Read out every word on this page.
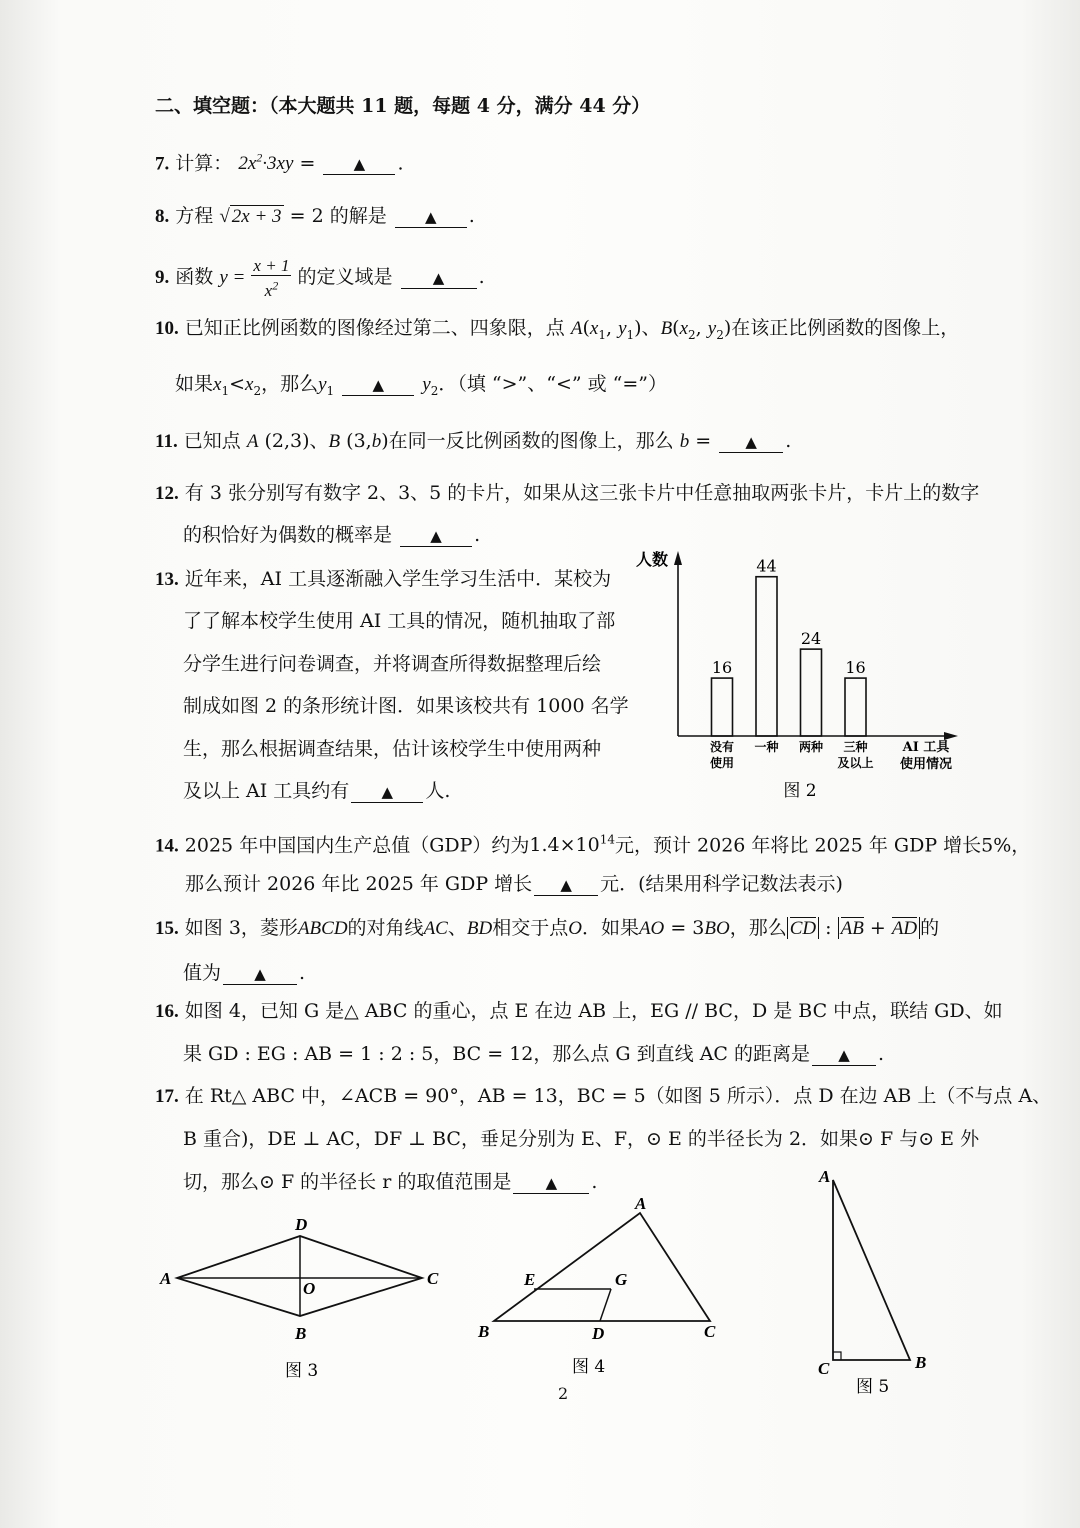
二、填空题：（本大题共 11 题，每题 4 分，满分 44 分）
7. 计算： $2x^2\cdot 3xy$ =	▲ .
8. 方程 √ 2x + 3 = 2 的解是	▲ .
9. 函数 $y = \frac{x + 1}{x^2}$ 的定义域是	▲ .
10. 已知正比例函数的图像经过第二、四象限，点 $A(x_1$, $y_1$)、$B(x_2$, $y_2$)在该正比例函数的图像上，
如果$x_1<x_2$，那么$y_1$	▲ $y_2$．（填 “>”、“<” 或 “=”）
11. 已知点 A (2,3)、B (3,b)在同一反比例函数的图像上，那么 b = ▲ .
12. 有 3 张分别写有数字 2、3、5 的卡片，如果从这三张卡片中任意抽取两张卡片，卡片上的数字
的积恰好为偶数的概率是	▲ .
13. 近年来，AI 工具逐渐融入学生学习生活中．某校为
了了解本校学生使用 AI 工具的情况，随机抽取了部
分学生进行问卷调查，并将调查所得数据整理后绘
制成如图 2 的条形统计图．如果该校共有 1000 名学
生，那么根据调查结果，估计该校学生中使用两种
及以上 AI 工具约有 ▲ 人.
人数
16
没有
使用
44
一种
24
两种
16
三种
及以上
AI 工具
使用情况
图 2
14. 2025 年中国国内生产总值（GDP）约为$1.4\times 10^{14}$元，预计 2026 年将比 2025 年 GDP 增长5%，
那么预计 2026 年比 2025 年 GDP 增长 ▲ 元．(结果用科学记数法表示)
15. 如图 3，菱形ABCD的对角线AC、BD相交于点O．如果AO = 3BO，那么 CD : AB + AD 的
值为 ▲ .
16. 如图 4，已知 G 是△ ABC 的重心，点 E 在边 AB 上，EG // BC，D 是 BC 中点，联结 GD、如
果 GD : EG : AB = 1 : 2 : 5，BC = 12，那么点 G 到直线 AC 的距离是 ▲ .
17. 在 Rt△ ABC 中，∠ACB = 90°，AB = 13，BC = 5（如图 5 所示）．点 D 在边 AB 上（不与点 A、
B 重合)，DE ⊥ AC，DF ⊥ BC，垂足分别为 E、F，⊙ E 的半径长为 2．如果⊙ F 与⊙ E 外
切，那么⊙ F 的半径长 r 的取值范围是 ▲ .
A
B
C
D
O
图 3
A
B	C
D
E	G
图 4
A
B
C
图 5
2
